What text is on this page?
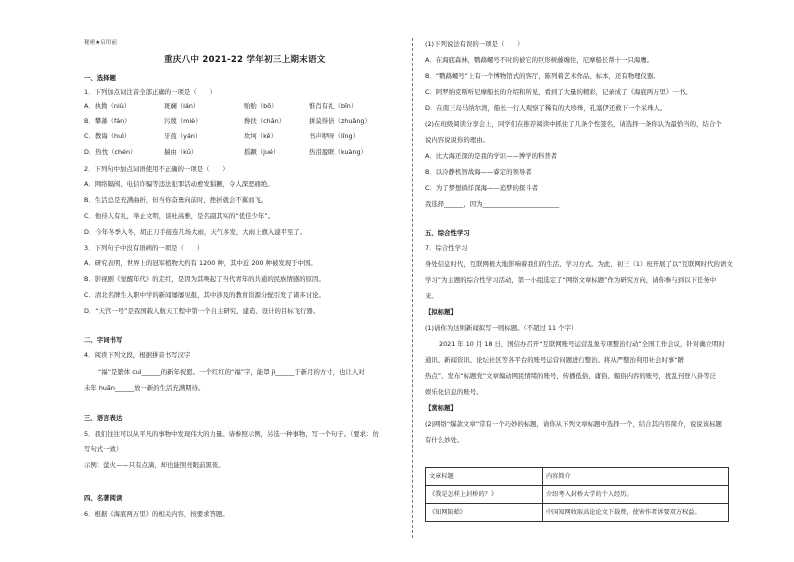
秘密★启用前
重庆八中 2021-22 学年初三上期末语文
一、选择题
1．下列加点词注音全部正确的一项是（　　）
A．执拗（niù）	斑斓（lán）	贻贻（bō）	惟肖有礼（bǐn）
B．攀蕃（fán）	污蔑（miè）	搀扶（chān）	拼莫得倍（zhuǎng）
C．教诲（huì）	牙莨（yán）	坎坷（kě）	书声咿呀（līng）
D．热忱（chén）	揣由（kū）	摇蹶（jué）	热泪盈眶（kuàng）
2．下列句中加点词语使用不正确的一项是（　　）
A．网络隔阂、电信诈骗等违法犯罪活动愈发猖獗，令人深恶痛绝。
B．生活总是充满曲折，但当你奋勇向前时，挫折就会不翼而飞。
C．他待人有礼，举止文明，谈吐高雅，是名副其实的“优佳少年”。
D．今年冬季入冬，胡正刀手接连几场大雨，天气多发，大雨上旗入建平至了。
3．下列句子中没有语病的一项是（　　）
A．研究表明，世界上的冠军植物大约有 1200 种，其中近 200 种被发现于中国。
B．影视剧《觉醒年代》的走红，是因为其唤起了当代青年的共通的民族情感的原因。
C．清北名牌生入职中学的新闻屡屡见报，其中涉及的教育资源分配引发了诸多讨论。
D．“天宫一号”是我国载人航天工程中第一个自主研究、建造、设计的目标飞行器。
二、字词书写
4．阅读下列文段，根据拼音书写汉字
“福”是繁体 cuì______的新年祝愿。一个红红的“福”字，能罩 jì______于新月的方寸，也让人对
未年 huān______放一新的生活充满期待。
三、语言表达
5．我们往往可以从平凡的事物中发现伟大的力量。请参照示例，另选一种事物，写一个句子。（要求：仿
写句式一致）
示例：萤火——只有点滴，却也能照亮眼前黑夜。
四、名著阅读
6．根据《海底两万里》的相关内容，按要求答题。
(1)下列说法有误的一项是（　　）
A．在海底森林，鹦鹉螺号不时的被它的巨形树藤缠住，尼摩船长帮十一只海鹰。
B．“鹦鹉螺号”上有一个博物馆式的客厅，陈列着艺术作品、标本，还有物理仪器。
C．阿罗纳克斯听尼摩船长的介绍和所见，看到了大量的精彩，记录成了《海底两万里》一书。
D．在南三岛马纳尔湾，船长一行人观察了稀有的大珍珠，孔塞伊还救下一个采珠人。
(2)在班级阅读分享会上，同学们在推荐阅读中抓住了几条个性签名，请选择一条你认为最恰当的，结合个
说内容说说你的理由。
A．比大海还深的是我的学识——博学的科普者
B．以冷静机智战海——睿定的领导者
C．为了梦想徜徉深海——追梦的探斗者
我选择______，因为________________________
五、综合性学习
7．综合性学习
身处信息时代，互联网极大地影响着我们的生活、学习方式。为此，初三（1）班开展了以“互联网时代的语文
学习”为主题的综合性学习活动，第一小组选定了“网络文章标题”作为研究方向，请你参与到以下任务中
来。
【拟标题】
(1)请你为这则新闻拟写一则标题。（不超过 11 个字）
2021 年 10 月 18 日，国信办召开“互联网账号运营乱象专项整治行动”全国工作会议，针对确立明时
通讯、新闻资讯、论坛社区等各平台的账号运营问题进行整治。将从严整治利用社会时事“蹭
热点”、发布“标题党”文章煽动网民情绪的账号，传播低俗、庸俗、媚俗内容的账号，扰乱刊登八卦等泛
娱乐化信息的账号。
【赏标题】
(2)网络“爆款文章”常有一个巧妙的标题，请你从下列文章标题中选择一个，结合其内容简介，说说该标题
有什么妙处。
文章标题	内容简介
《我是怎样上封桥的？》	介绍考入封桥大学的个人经历。
《知网陷蛤》	中国知网收取高论论文下载费，使害作者诉要双方权益。
